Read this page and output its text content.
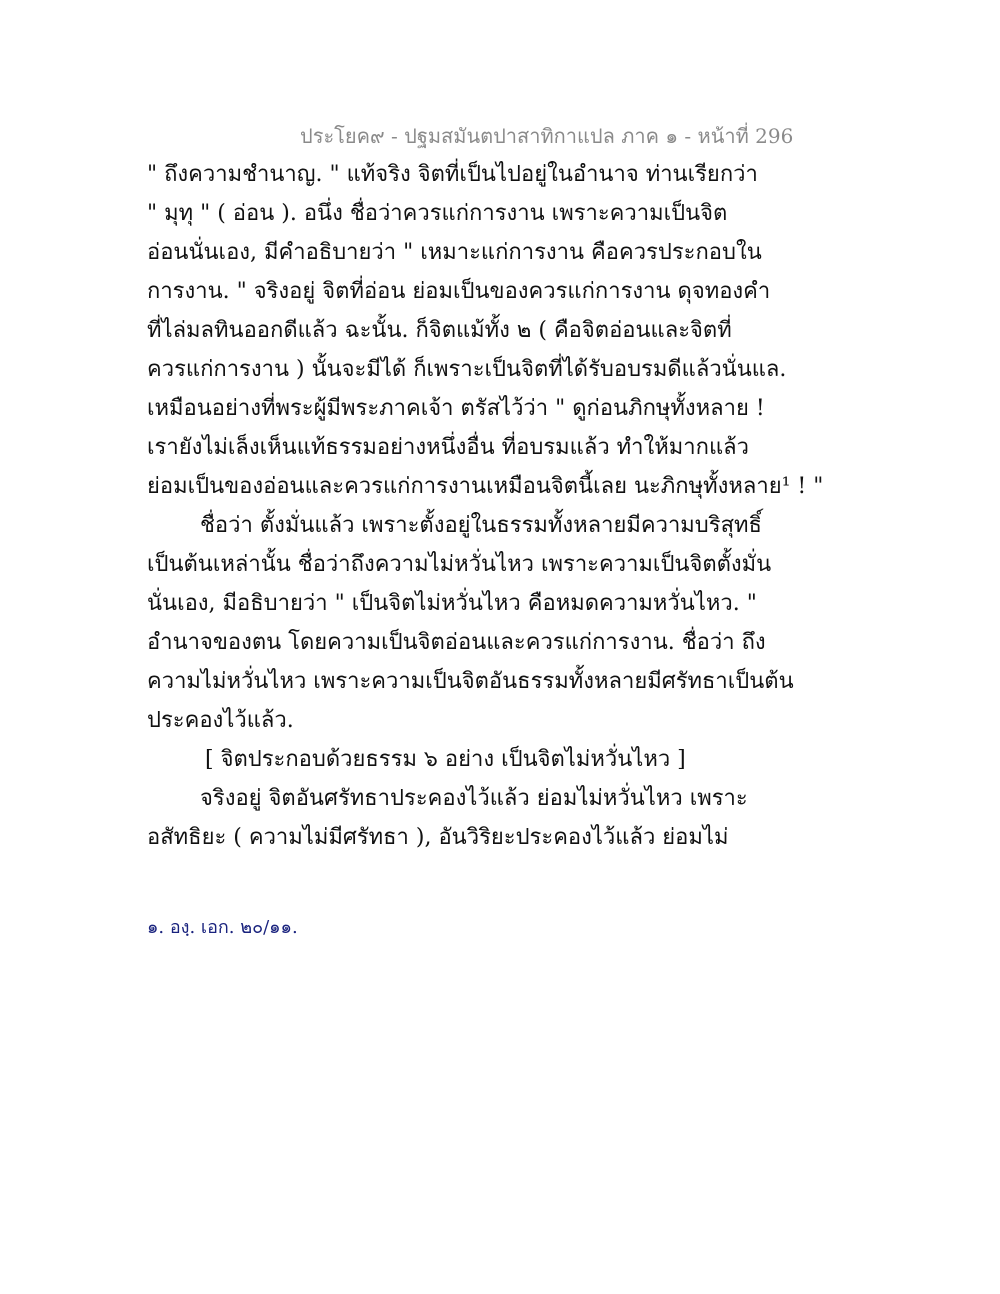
ประโยค๙ - ปฐมสมันตปาสาทิกาแปล ภาค ๑ - หน้าที่ 296
" ถึงความชำนาญ. " แท้จริง จิตที่เป็นไปอยู่ในอำนาจ ท่านเรียกว่า
" มุทุ " ( อ่อน ). อนึ่ง ชื่อว่าควรแก่การงาน เพราะความเป็นจิต
อ่อนนั่นเอง, มีคำอธิบายว่า " เหมาะแก่การงาน คือควรประกอบใน
การงาน. " จริงอยู่ จิตที่อ่อน ย่อมเป็นของควรแก่การงาน ดุจทองคำ
ที่ไล่มลทินออกดีแล้ว ฉะนั้น. ก็จิตแม้ทั้ง ๒ ( คือจิตอ่อนและจิตที่
ควรแก่การงาน ) นั้นจะมีได้ ก็เพราะเป็นจิตที่ได้รับอบรมดีแล้วนั่นแล.
เหมือนอย่างที่พระผู้มีพระภาคเจ้า ตรัสไว้ว่า " ดูก่อนภิกษุทั้งหลาย !
เรายังไม่เล็งเห็นแท้ธรรมอย่างหนึ่งอื่น ที่อบรมแล้ว ทำให้มากแล้ว
ย่อมเป็นของอ่อนและควรแก่การงานเหมือนจิตนี้เลย นะภิกษุทั้งหลาย¹ ! "
ชื่อว่า ตั้งมั่นแล้ว เพราะตั้งอยู่ในธรรมทั้งหลายมีความบริสุทธิ์
เป็นต้นเหล่านั้น ชื่อว่าถึงความไม่หวั่นไหว เพราะความเป็นจิตตั้งมั่น
นั่นเอง, มีอธิบายว่า " เป็นจิตไม่หวั่นไหว คือหมดความหวั่นไหว. "
อำนาจของตน โดยความเป็นจิตอ่อนและควรแก่การงาน. ชื่อว่า ถึง
ความไม่หวั่นไหว เพราะความเป็นจิตอันธรรมทั้งหลายมีศรัทธาเป็นต้น
ประคองไว้แล้ว.
[ จิตประกอบด้วยธรรม ๖ อย่าง เป็นจิตไม่หวั่นไหว ]
จริงอยู่ จิตอันศรัทธาประคองไว้แล้ว ย่อมไม่หวั่นไหว เพราะ
อสัทธิยะ ( ความไม่มีศรัทธา ), อันวิริยะประคองไว้แล้ว ย่อมไม่
๑. องฺ. เอก. ๒๐/๑๑.
